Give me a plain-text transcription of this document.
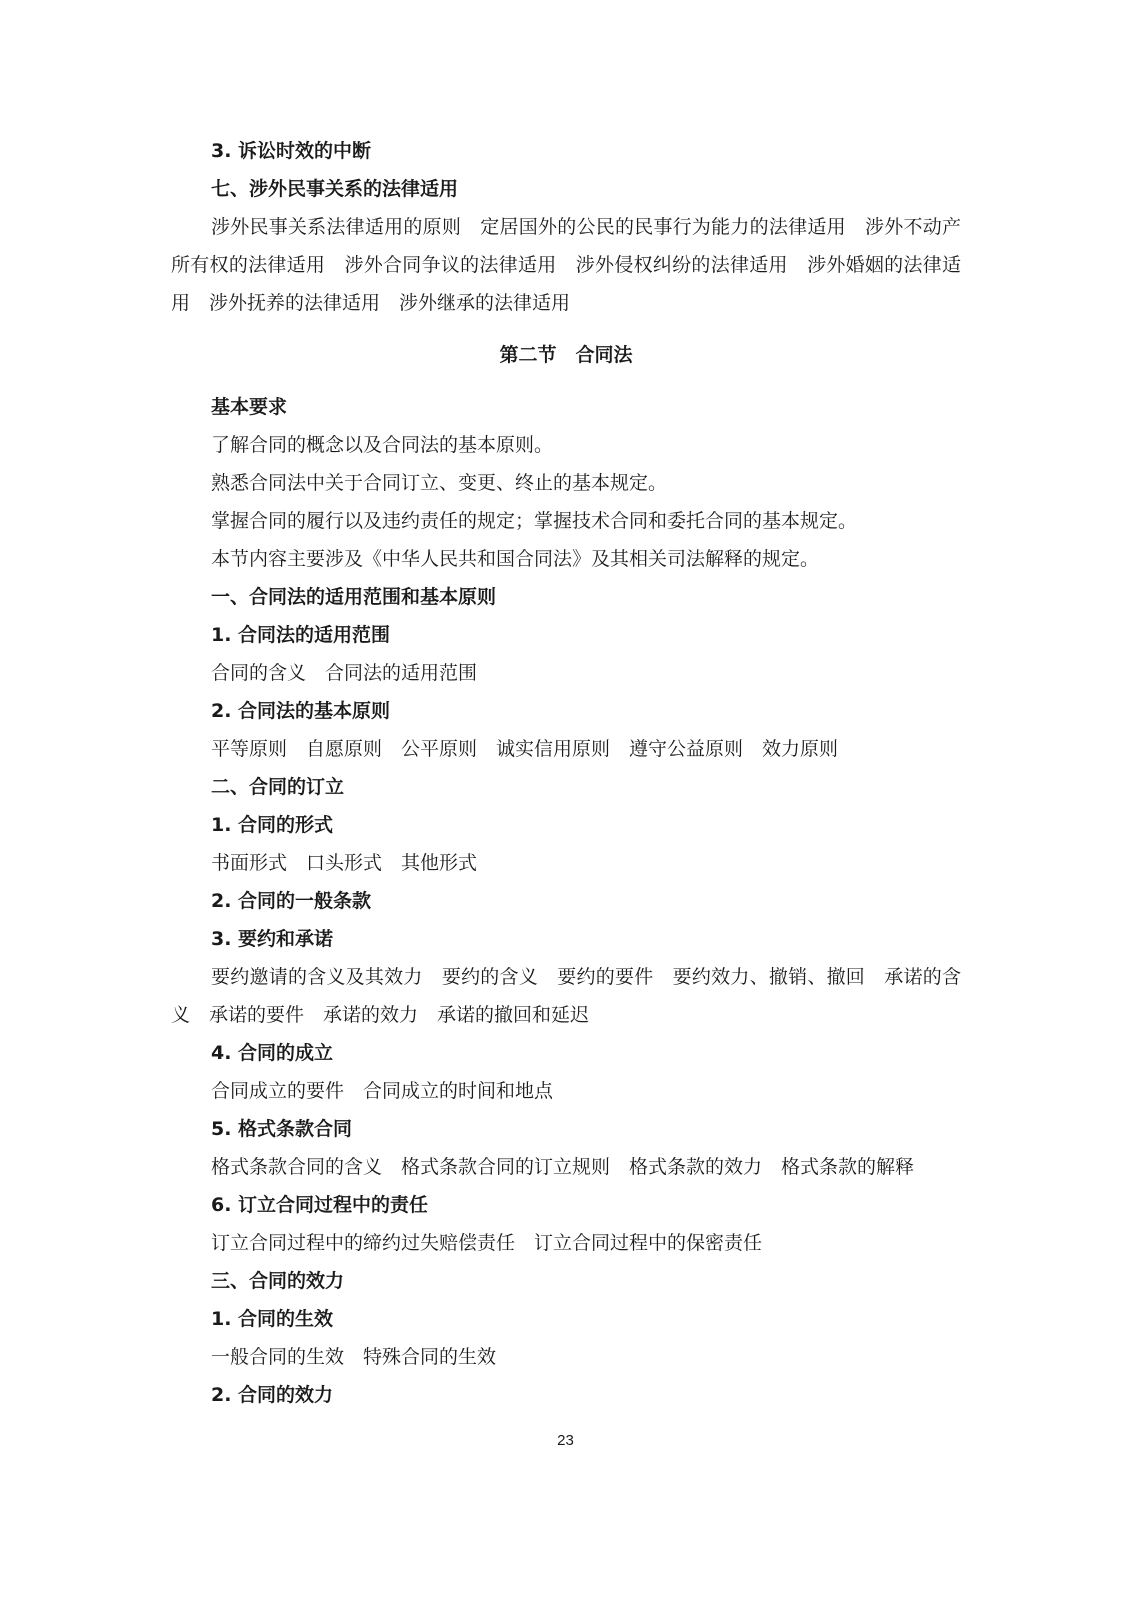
3. 诉讼时效的中断
七、涉外民事关系的法律适用
涉外民事关系法律适用的原则　定居国外的公民的民事行为能力的法律适用　涉外不动产所有权的法律适用　涉外合同争议的法律适用　涉外侵权纠纷的法律适用　涉外婚姻的法律适用　涉外抚养的法律适用　涉外继承的法律适用
第二节　合同法
基本要求
了解合同的概念以及合同法的基本原则。
熟悉合同法中关于合同订立、变更、终止的基本规定。
掌握合同的履行以及违约责任的规定；掌握技术合同和委托合同的基本规定。
本节内容主要涉及《中华人民共和国合同法》及其相关司法解释的规定。
一、合同法的适用范围和基本原则
1. 合同法的适用范围
合同的含义　合同法的适用范围
2. 合同法的基本原则
平等原则　自愿原则　公平原则　诚实信用原则　遵守公益原则　效力原则
二、合同的订立
1. 合同的形式
书面形式　口头形式　其他形式
2. 合同的一般条款
3. 要约和承诺
要约邀请的含义及其效力　要约的含义　要约的要件　要约效力、撤销、撤回　承诺的含义　承诺的要件　承诺的效力　承诺的撤回和延迟
4. 合同的成立
合同成立的要件　合同成立的时间和地点
5. 格式条款合同
格式条款合同的含义　格式条款合同的订立规则　格式条款的效力　格式条款的解释
6. 订立合同过程中的责任
订立合同过程中的缔约过失赔偿责任　订立合同过程中的保密责任
三、合同的效力
1. 合同的生效
一般合同的生效　特殊合同的生效
2. 合同的效力
23
